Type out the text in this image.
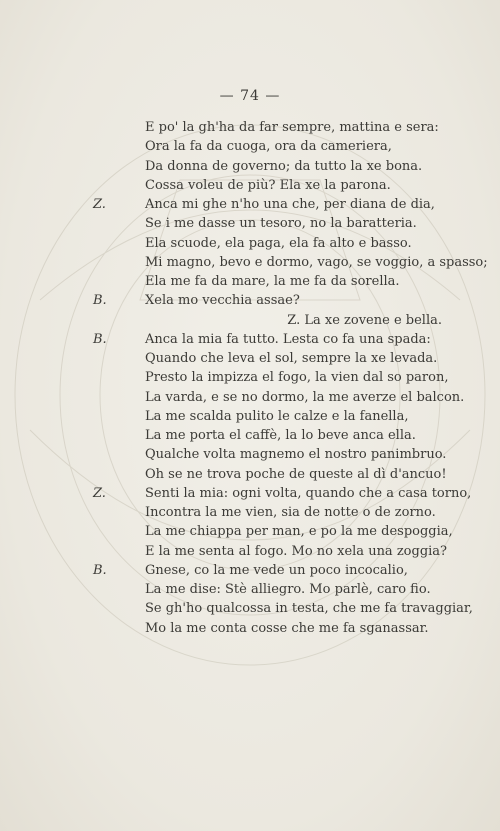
— 74 —
E po' la gh'ha da far sempre, mattina e sera:
Ora la fa da cuoga, ora da cameriera,
Da donna de governo; da tutto la xe bona.
Cossa voleu de più? Ela xe la parona.
Z.	Anca mi ghe n'ho una che, per diana de dia,
Se i me dasse un tesoro, no la baratteria.
Ela scuode, ela paga, ela fa alto e basso.
Mi magno, bevo e dormo, vago, se voggio, a spasso;
Ela me fa da mare, la me fa da sorella.
B.	Xela mo vecchia assae?
Z. La xe zovene e bella.
B.	Anca la mia fa tutto. Lesta co fa una spada:
Quando che leva el sol, sempre la xe levada.
Presto la impizza el fogo, la vien dal so paron,
La varda, e se no dormo, la me averze el balcon.
La me scalda pulito le calze e la fanella,
La me porta el caffè, la lo beve anca ella.
Qualche volta magnemo el nostro panimbruo.
Oh se ne trova poche de queste al dì d'ancuo!
Z.	Senti la mia: ogni volta, quando che a casa torno,
Incontra la me vien, sia de notte o de zorno.
La me chiappa per man, e po la me despoggia,
E la me senta al fogo. Mo no xela una zoggia?
B.	Gnese, co la me vede un poco incocalio,
La me dise: Stè alliegro. Mo parlè, caro fio.
Se gh'ho qualcossa in testa, che me fa travaggiar,
Mo la me conta cosse che me fa sganassar.
